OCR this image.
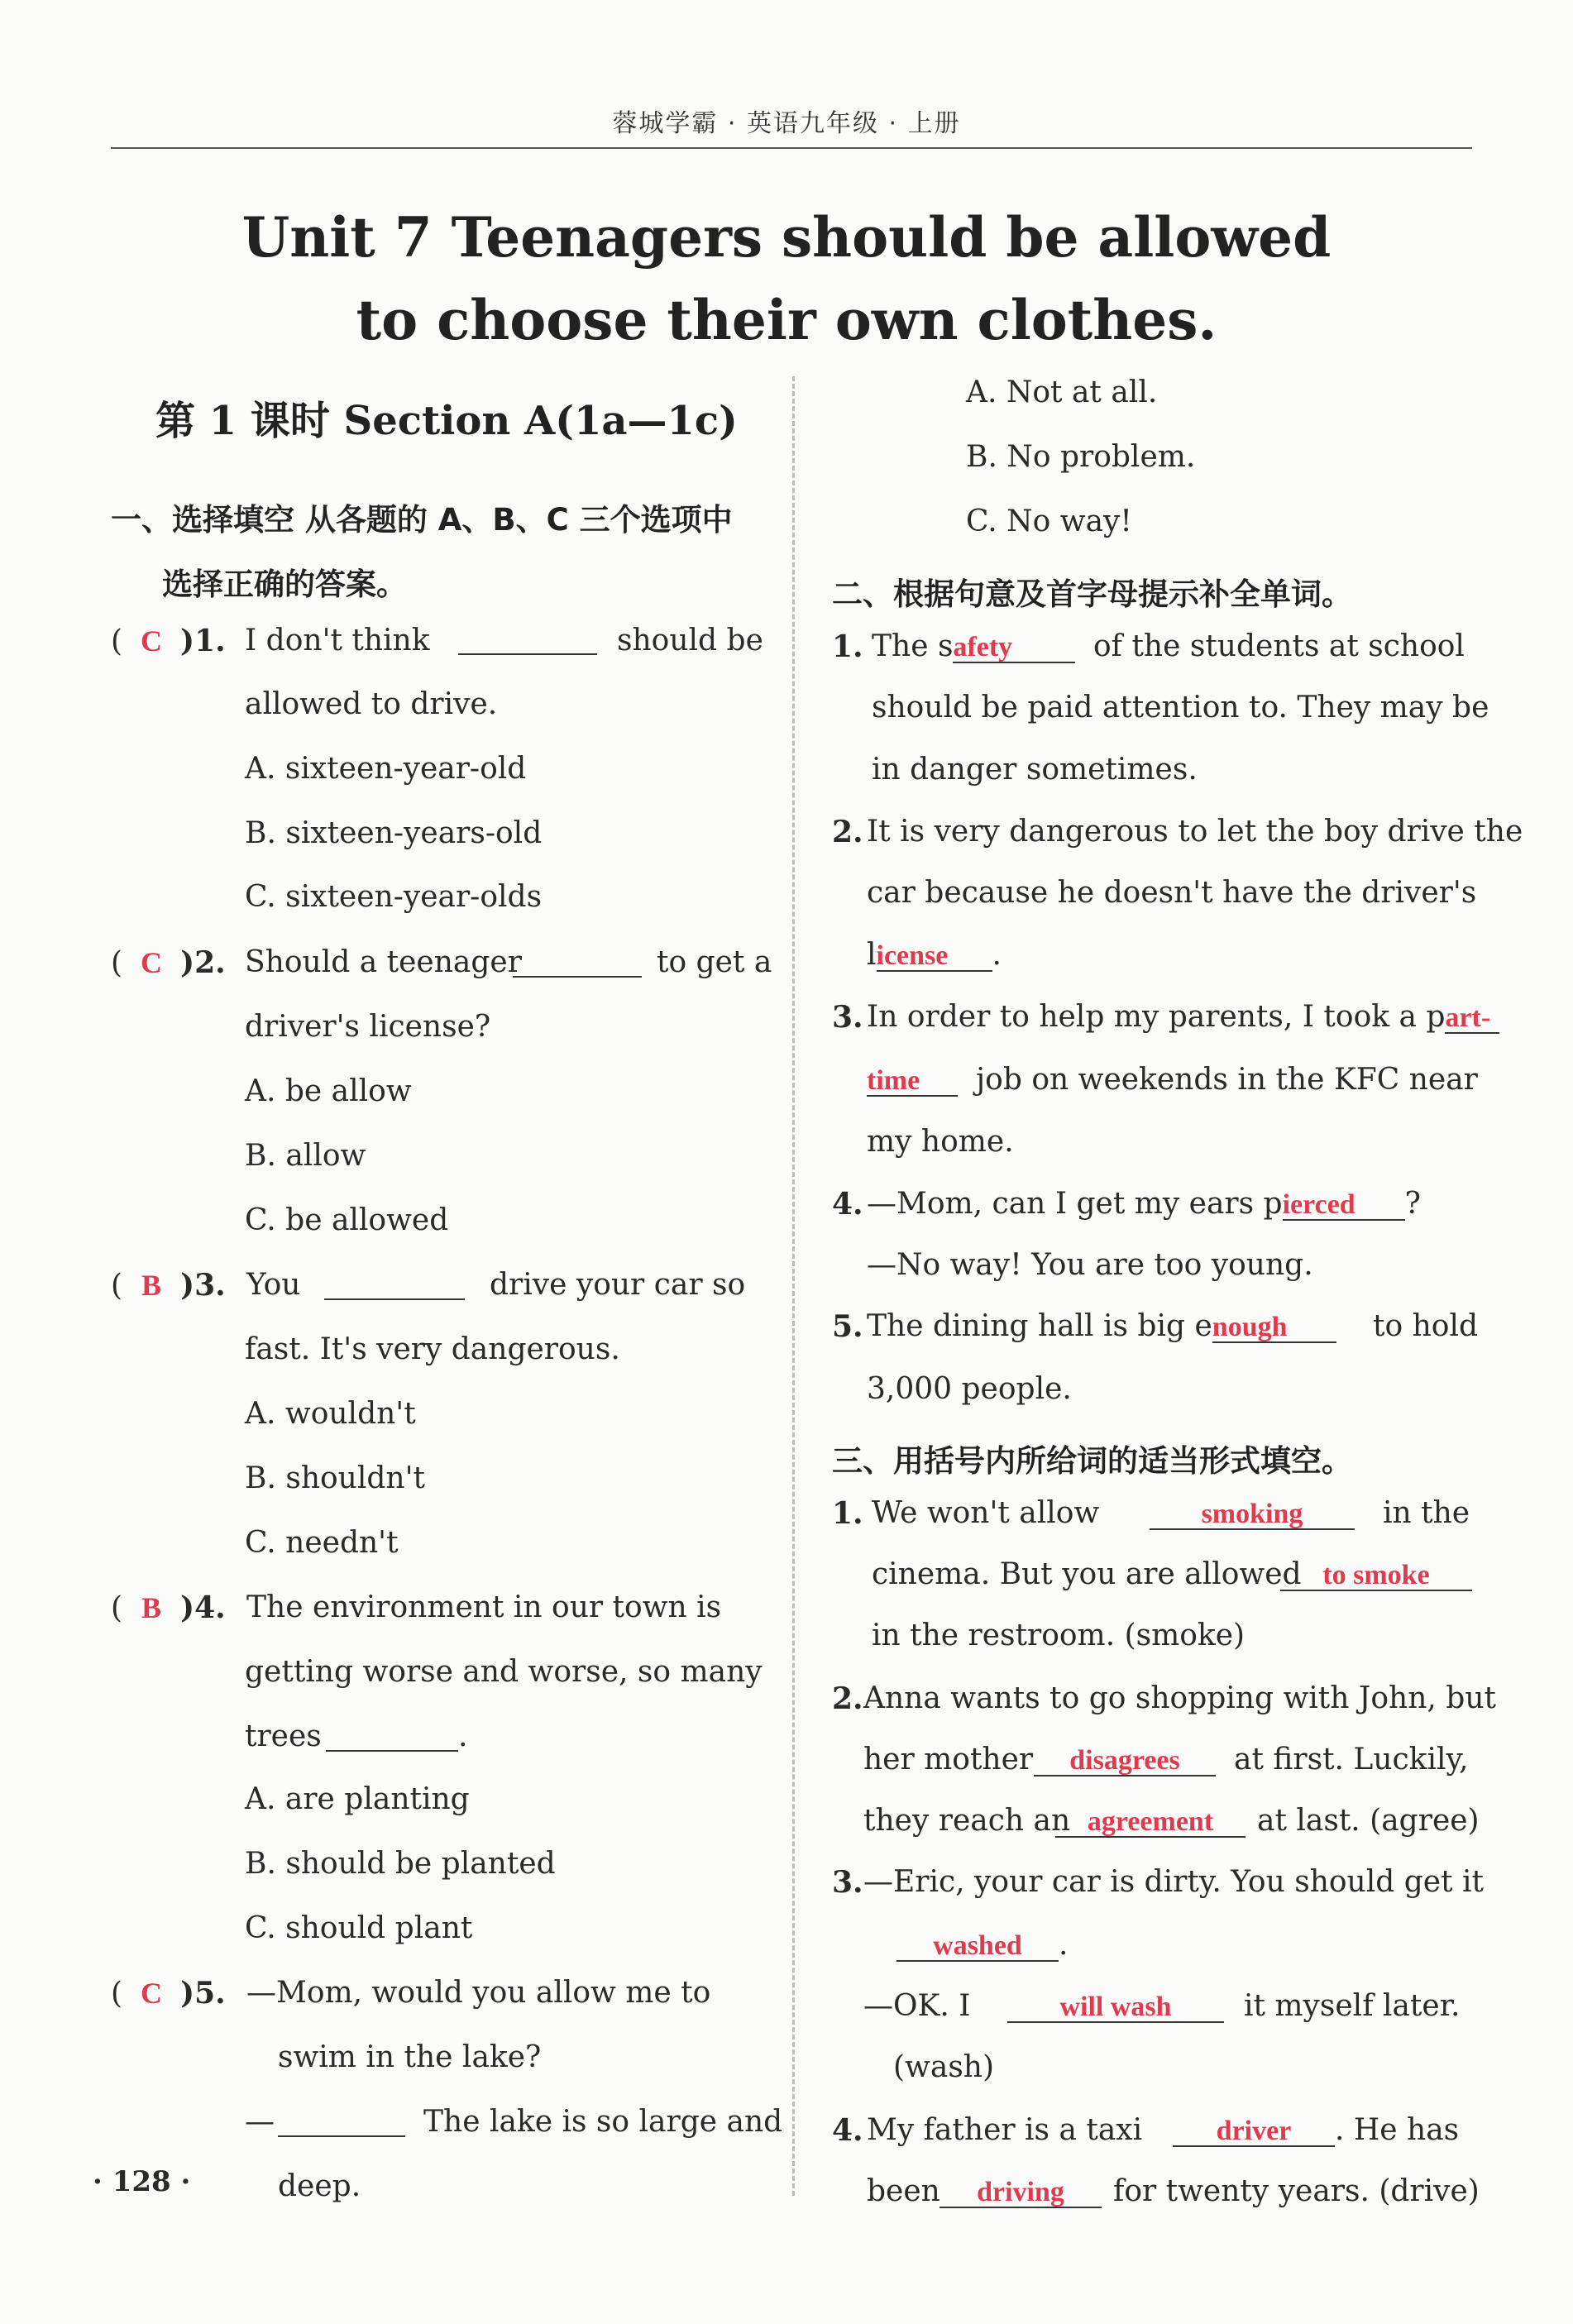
蓉城学霸 · 英语九年级 · 上册
Unit 7 Teenagers should be allowed
to choose their own clothes.
第 1 课时 Section A(1a—1c)
一、选择填空 从各题的 A、B、C 三个选项中
选择正确的答案。
( C )1. I don't think	should be
allowed to drive.
A. sixteen-year-old
B. sixteen-years-old
C. sixteen-year-olds
( C )2. Should a teenager	to get a
driver's license?
A. be allow
B. allow
C. be allowed
( B )3. You	drive your car so
fast. It's very dangerous.
A. wouldn't
B. shouldn't
C. needn't
( B )4. The environment in our town is
getting worse and worse, so many
trees	.
A. are planting
B. should be planted
C. should plant
( C )5. —Mom, would you allow me to
swim in the lake?
—	The lake is so large and
deep.
A. Not at all.
B. No problem.
C. No way!
二、根据句意及首字母提示补全单词。
1. The safety	of the students at school
should be paid attention to. They may be
in danger sometimes.
2. It is very dangerous to let the boy drive the
car because he doesn't have the driver's
license .
3. In order to help my parents, I took a part-
time	job on weekends in the KFC near
my home.
4. —Mom, can I get my ears pierced ?
—No way! You are too young.
5. The dining hall is big enough	to hold
3,000 people.
三、用括号内所给词的适当形式填空。
1. We won't allow	smoking	in the
cinema. But you are allowed to smoke
in the restroom. (smoke)
2. Anna wants to go shopping with John, but
her mother	disagrees	at first. Luckily,
they reach an agreement	at last. (agree)
3. —Eric, your car is dirty. You should get it
washed .
—OK. I	will wash	it myself later.
(wash)
4. My father is a taxi	driver	. He has
been	driving	for twenty years. (drive)
· 128 ·
